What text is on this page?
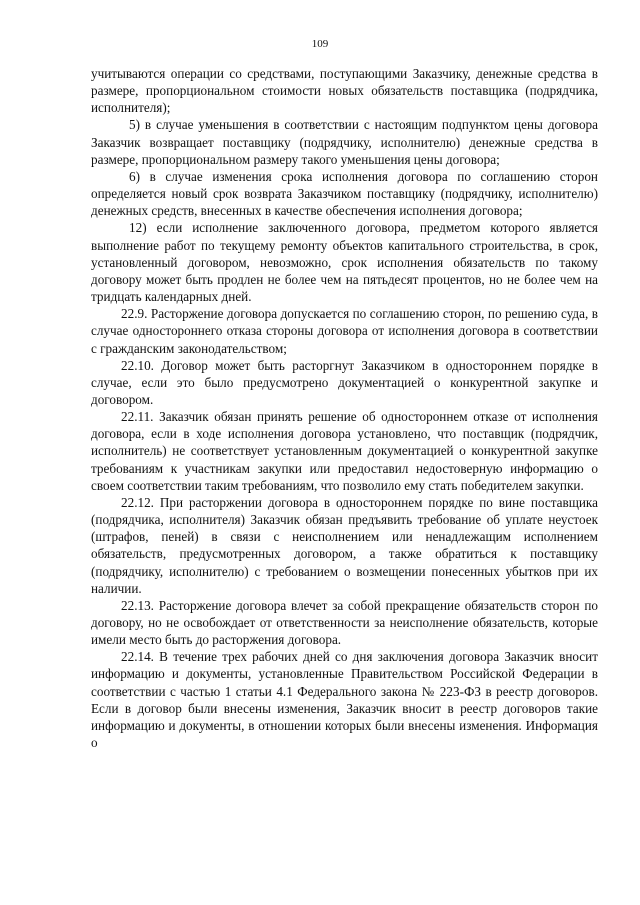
109

учитываются операции со средствами, поступающими Заказчику, денежные средства в размере, пропорциональном стоимости новых обязательств поставщика (подрядчика, исполнителя);

5) в случае уменьшения в соответствии с настоящим подпунктом цены договора Заказчик возвращает поставщику (подрядчику, исполнителю) денежные средства в размере, пропорциональном размеру такого уменьшения цены договора;

6) в случае изменения срока исполнения договора по соглашению сторон определяется новый срок возврата Заказчиком поставщику (подрядчику, исполнителю) денежных средств, внесенных в качестве обеспечения исполнения договора;

12) если исполнение заключенного договора, предметом которого является выполнение работ по текущему ремонту объектов капитального строительства, в срок, установленный договором, невозможно, срок исполнения обязательств по такому договору может быть продлен не более чем на пятьдесят процентов, но не более чем на тридцать календарных дней.

22.9. Расторжение договора допускается по соглашению сторон, по решению суда, в случае одностороннего отказа стороны договора от исполнения договора в соответствии с гражданским законодательством;

22.10. Договор может быть расторгнут Заказчиком в одностороннем порядке в случае, если это было предусмотрено документацией о конкурентной закупке и договором.

22.11. Заказчик обязан принять решение об одностороннем отказе от исполнения договора, если в ходе исполнения договора установлено, что поставщик (подрядчик, исполнитель) не соответствует установленным документацией о конкурентной закупке требованиям к участникам закупки или предоставил недостоверную информацию о своем соответствии таким требованиям, что позволило ему стать победителем закупки.

22.12. При расторжении договора в одностороннем порядке по вине поставщика (подрядчика, исполнителя) Заказчик обязан предъявить требование об уплате неустоек (штрафов, пеней) в связи с неисполнением или ненадлежащим исполнением обязательств, предусмотренных договором, а также обратиться к поставщику (подрядчику, исполнителю) с требованием о возмещении понесенных убытков при их наличии.

22.13. Расторжение договора влечет за собой прекращение обязательств сторон по договору, но не освобождает от ответственности за неисполнение обязательств, которые имели место быть до расторжения договора.

22.14. В течение трех рабочих дней со дня заключения договора Заказчик вносит информацию и документы, установленные Правительством Российской Федерации в соответствии с частью 1 статьи 4.1 Федерального закона № 223-ФЗ в реестр договоров. Если в договор были внесены изменения, Заказчик вносит в реестр договоров такие информацию и документы, в отношении которых были внесены изменения. Информация о
